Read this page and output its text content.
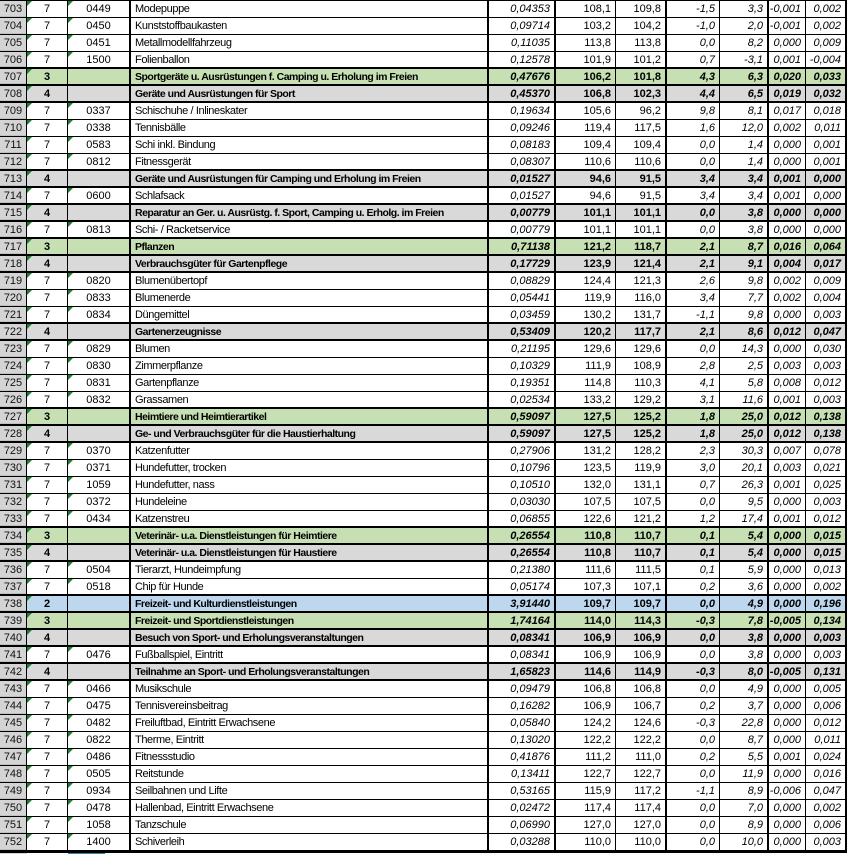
703	7	0449	Modepuppe	0,04353	108,1	109,8	-1,5	3,3 -0,001	0,002
704	7	0450	Kunststoffbaukasten	0,09714	103,2	104,2	-1,0	2,0 -0,001	0,002
705	7	0451	Metallmodellfahrzeug	0,11035	113,8	113,8	0,0	8,2 0,000	0,009
706	7	1500	Folienballon	0,12578	101,9	101,2	0,7	-3,1 0,001 -0,004
707	3	Sportgeräte u. Ausrüstungen f. Camping u. Erholung im Freien	0,47676	106,2	101,8	4,3	6,3 0,020	0,033
708	4	Geräte und Ausrüstungen für Sport	0,45370	106,8	102,3	4,4	6,5 0,019	0,032
709	7	0337	Schischuhe / Inlineskater	0,19634	105,6	96,2	9,8	8,1 0,017	0,018
710	7	0338	Tennisbälle	0,09246	119,4	117,5	1,6	12,0 0,002	0,011
711	7	0583	Schi inkl. Bindung	0,08183	109,4	109,4	0,0	1,4 0,000	0,001
712	7	0812	Fitnessgerät	0,08307	110,6	110,6	0,0	1,4 0,000	0,001
713	4	Geräte und Ausrüstungen für Camping und Erholung im Freien	0,01527	94,6	91,5	3,4	3,4 0,001	0,000
714	7	0600	Schlafsack	0,01527	94,6	91,5	3,4	3,4 0,001	0,000
715	4	Reparatur an Ger. u. Ausrüstg. f. Sport, Camping u. Erholg. im Freien	0,00779	101,1	101,1	0,0	3,8 0,000	0,000
716	7	0813	Schi- / Racketservice	0,00779	101,1	101,1	0,0	3,8 0,000	0,000
717	3	Pflanzen	0,71138	121,2	118,7	2,1	8,7 0,016	0,064
718	4	Verbrauchsgüter für Gartenpflege	0,17729	123,9	121,4	2,1	9,1 0,004	0,017
719	7	0820	Blumenübertopf	0,08829	124,4	121,3	2,6	9,8 0,002	0,009
720	7	0833	Blumenerde	0,05441	119,9	116,0	3,4	7,7 0,002	0,004
721	7	0834	Düngemittel	0,03459	130,2	131,7	-1,1	9,8 0,000	0,003
722	4	Gartenerzeugnisse	0,53409	120,2	117,7	2,1	8,6 0,012	0,047
723	7	0829	Blumen	0,21195	129,6	129,6	0,0	14,3 0,000	0,030
724	7	0830	Zimmerpflanze	0,10329	111,9	108,9	2,8	2,5 0,003	0,003
725	7	0831	Gartenpflanze	0,19351	114,8	110,3	4,1	5,8 0,008	0,012
726	7	0832	Grassamen	0,02534	133,2	129,2	3,1	11,6 0,001	0,003
727	3	Heimtiere und Heimtierartikel	0,59097	127,5	125,2	1,8	25,0 0,012	0,138
728	4	Ge- und Verbrauchsgüter für die Haustierhaltung	0,59097	127,5	125,2	1,8	25,0 0,012	0,138
729	7	0370	Katzenfutter	0,27906	131,2	128,2	2,3	30,3 0,007	0,078
730	7	0371	Hundefutter, trocken	0,10796	123,5	119,9	3,0	20,1 0,003	0,021
731	7	1059	Hundefutter, nass	0,10510	132,0	131,1	0,7	26,3 0,001	0,025
732	7	0372	Hundeleine	0,03030	107,5	107,5	0,0	9,5 0,000	0,003
733	7	0434	Katzenstreu	0,06855	122,6	121,2	1,2	17,4 0,001	0,012
734	3	Veterinär- u.a. Dienstleistungen für Heimtiere	0,26554	110,8	110,7	0,1	5,4 0,000	0,015
735	4	Veterinär- u.a. Dienstleistungen für Haustiere	0,26554	110,8	110,7	0,1	5,4 0,000	0,015
736	7	0504	Tierarzt, Hundeimpfung	0,21380	111,6	111,5	0,1	5,9 0,000	0,013
737	7	0518	Chip für Hunde	0,05174	107,3	107,1	0,2	3,6 0,000	0,002
738	2	Freizeit- und Kulturdienstleistungen	3,91440	109,7	109,7	0,0	4,9 0,000	0,196
739	3	Freizeit- und Sportdienstleistungen	1,74164	114,0	114,3	-0,3	7,8 -0,005	0,134
740	4	Besuch von Sport- und Erholungsveranstaltungen	0,08341	106,9	106,9	0,0	3,8 0,000	0,003
741	7	0476	Fußballspiel, Eintritt	0,08341	106,9	106,9	0,0	3,8 0,000	0,003
742	4	Teilnahme an Sport- und Erholungsveranstaltungen	1,65823	114,6	114,9	-0,3	8,0 -0,005	0,131
743	7	0466	Musikschule	0,09479	106,8	106,8	0,0	4,9 0,000	0,005
744	7	0475	Tennisvereinsbeitrag	0,16282	106,9	106,7	0,2	3,7 0,000	0,006
745	7	0482	Freiluftbad, Eintritt Erwachsene	0,05840	124,2	124,6	-0,3	22,8 0,000	0,012
746	7	0822	Therme, Eintritt	0,13020	122,2	122,2	0,0	8,7 0,000	0,011
747	7	0486	Fitnessstudio	0,41876	111,2	111,0	0,2	5,5 0,001	0,024
748	7	0505	Reitstunde	0,13411	122,7	122,7	0,0	11,9 0,000	0,016
749	7	0934	Seilbahnen und Lifte	0,53165	115,9	117,2	-1,1	8,9 -0,006	0,047
750	7	0478	Hallenbad, Eintritt Erwachsene	0,02472	117,4	117,4	0,0	7,0 0,000	0,002
751	7	1058	Tanzschule	0,06990	127,0	127,0	0,0	8,9 0,000	0,006
752	7	1400	Schiverleih	0,03288	110,0	110,0	0,0	10,0 0,000	0,003
